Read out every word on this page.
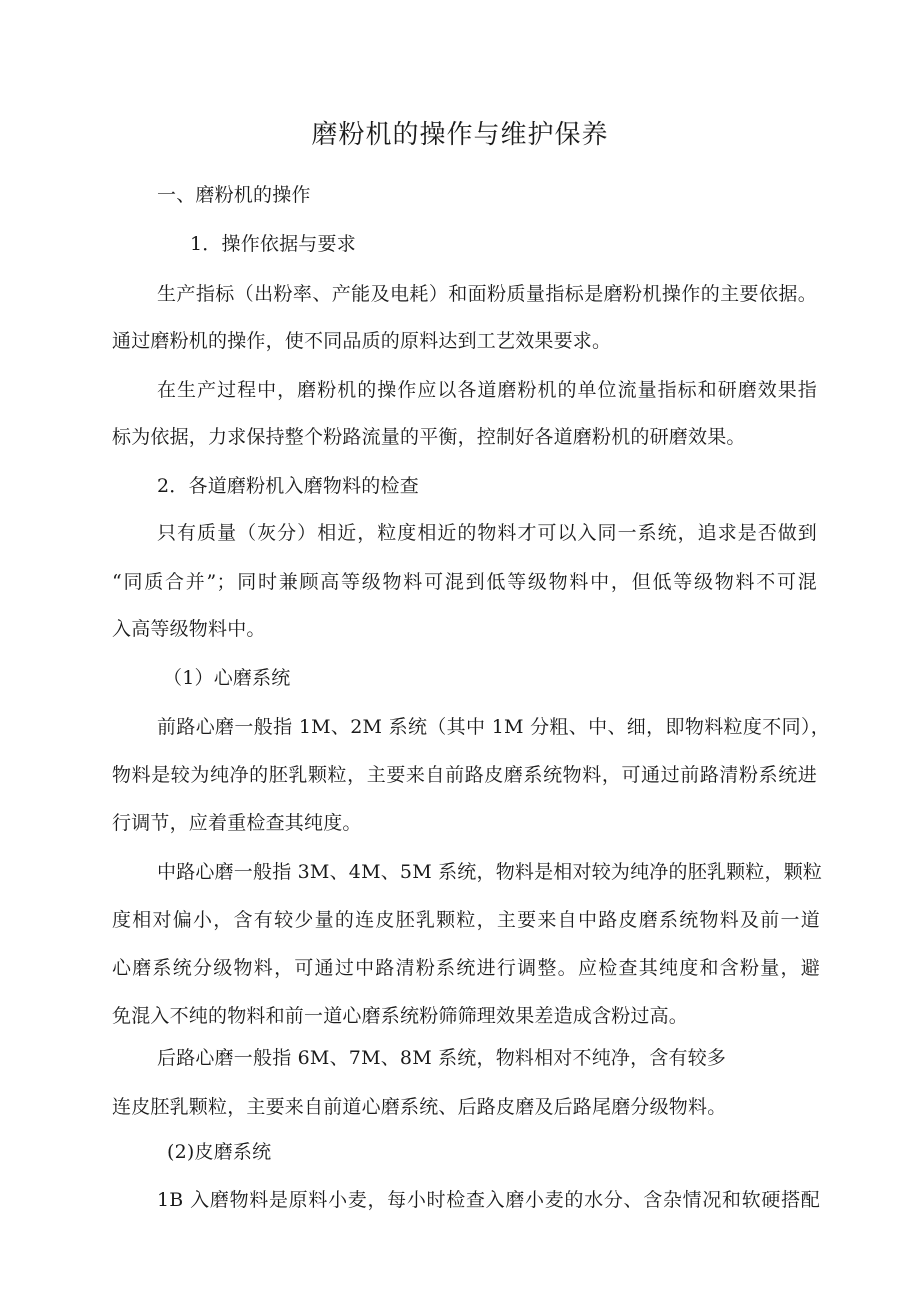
磨粉机的操作与维护保养
一、磨粉机的操作
1．操作依据与要求
生产指标（出粉率、产能及电耗）和面粉质量指标是磨粉机操作的主要依据。
通过磨粉机的操作，使不同品质的原料达到工艺效果要求。
在生产过程中，磨粉机的操作应以各道磨粉机的单位流量指标和研磨效果指
标为依据，力求保持整个粉路流量的平衡，控制好各道磨粉机的研磨效果。
2．各道磨粉机入磨物料的检查
只有质量（灰分）相近，粒度相近的物料才可以入同一系统，追求是否做到
“同质合并”；同时兼顾高等级物料可混到低等级物料中，但低等级物料不可混
入高等级物料中。
（1）心磨系统
前路心磨一般指 1M、2M 系统（其中 1M 分粗、中、细，即物料粒度不同），
物料是较为纯净的胚乳颗粒，主要来自前路皮磨系统物料，可通过前路清粉系统进
行调节，应着重检查其纯度。
中路心磨一般指 3M、4M、5M 系统，物料是相对较为纯净的胚乳颗粒，颗粒
度相对偏小，含有较少量的连皮胚乳颗粒，主要来自中路皮磨系统物料及前一道
心磨系统分级物料，可通过中路清粉系统进行调整。应检查其纯度和含粉量，避
免混入不纯的物料和前一道心磨系统粉筛筛理效果差造成含粉过高。
后路心磨一般指 6M、7M、8M 系统，物料相对不纯净，含有较多
连皮胚乳颗粒，主要来自前道心磨系统、后路皮磨及后路尾磨分级物料。
(2)皮磨系统
1B 入磨物料是原料小麦，每小时检查入磨小麦的水分、含杂情况和软硬搭配
